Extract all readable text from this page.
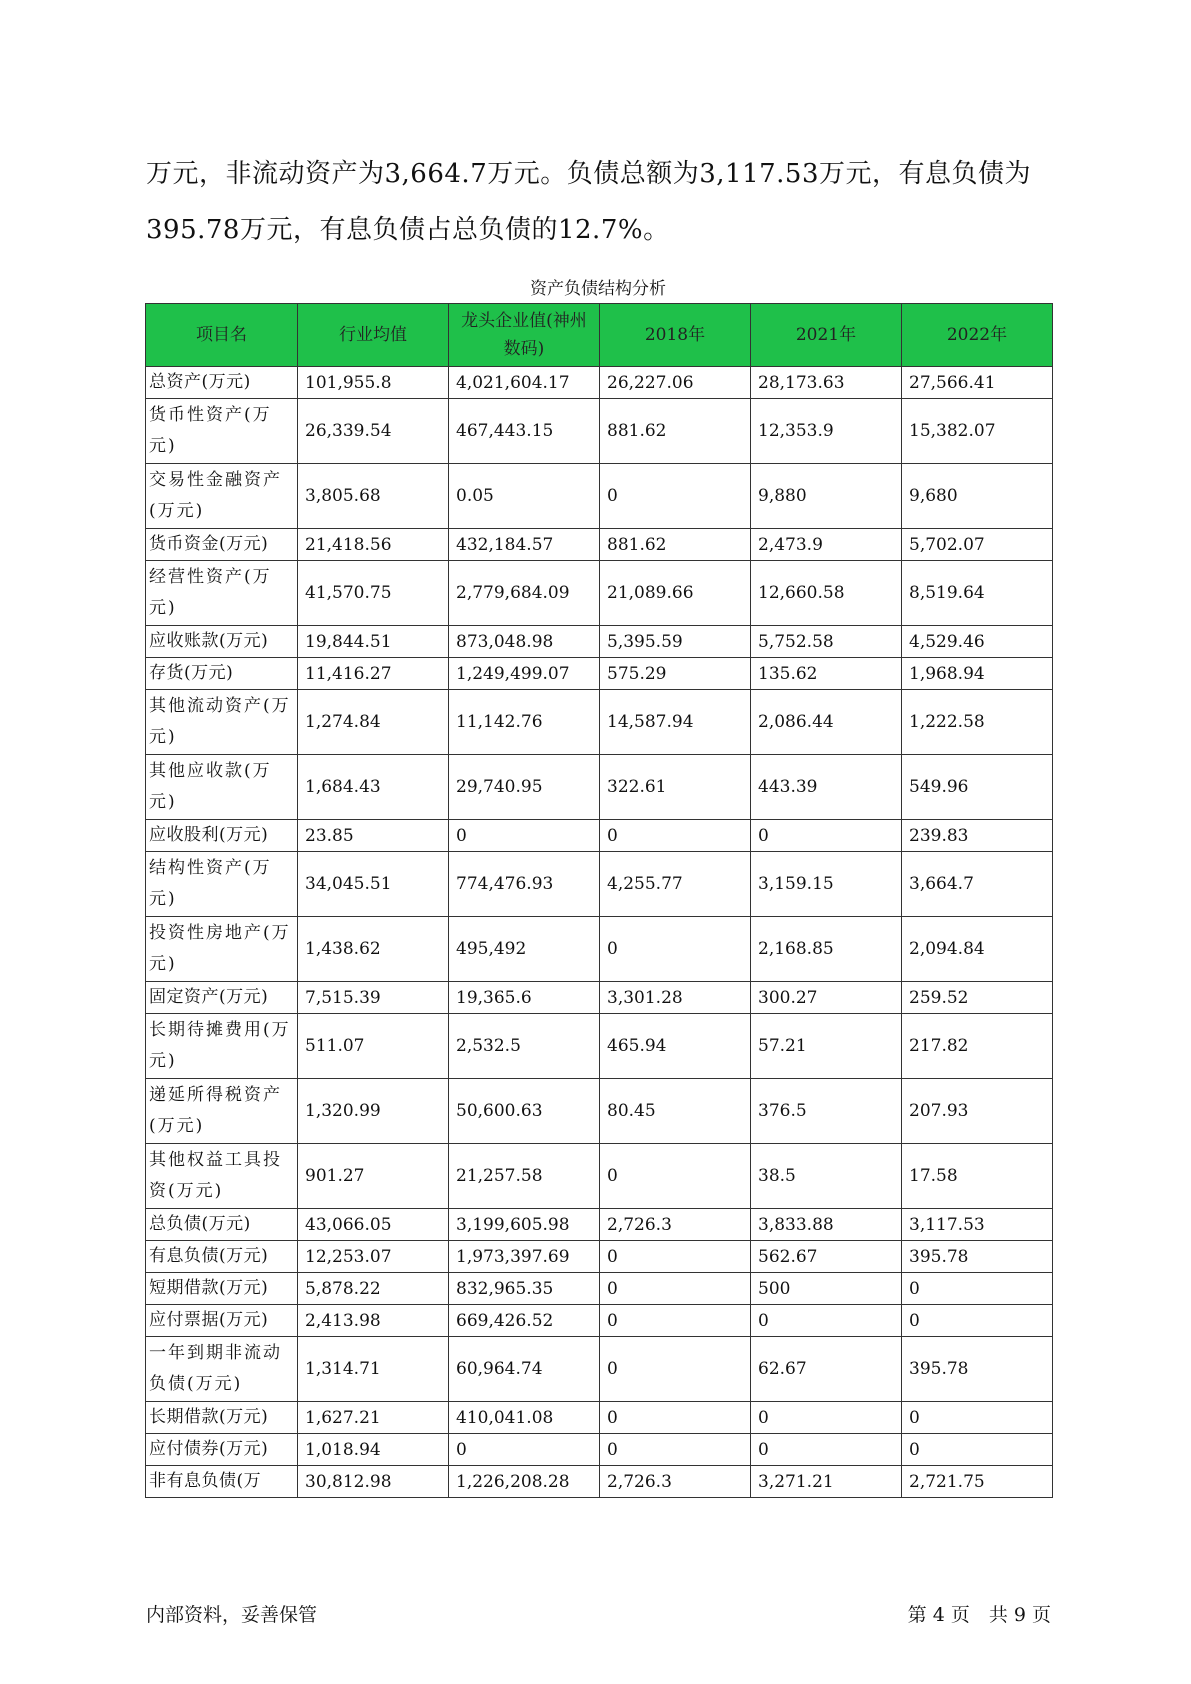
万元，非流动资产为3,664.7万元。负债总额为3,117.53万元，有息负债为

395.78万元，有息负债占总负债的12.7%。

资产负债结构分析
项目名	行业均值	龙头企业值(神州数码)	2018年	2021年	2022年
总资产(万元)	101,955.8	4,021,604.17	26,227.06	28,173.63	27,566.41
货币性资产(万元)	26,339.54	467,443.15	881.62	12,353.9	15,382.07
交易性金融资产(万元)	3,805.68	0.05	0	9,880	9,680
货币资金(万元)	21,418.56	432,184.57	881.62	2,473.9	5,702.07
经营性资产(万元)	41,570.75	2,779,684.09	21,089.66	12,660.58	8,519.64
应收账款(万元)	19,844.51	873,048.98	5,395.59	5,752.58	4,529.46
存货(万元)	11,416.27	1,249,499.07	575.29	135.62	1,968.94
其他流动资产(万元)	1,274.84	11,142.76	14,587.94	2,086.44	1,222.58
其他应收款(万元)	1,684.43	29,740.95	322.61	443.39	549.96
应收股利(万元)	23.85	0	0	0	239.83
结构性资产(万元)	34,045.51	774,476.93	4,255.77	3,159.15	3,664.7
投资性房地产(万元)	1,438.62	495,492	0	2,168.85	2,094.84
固定资产(万元)	7,515.39	19,365.6	3,301.28	300.27	259.52
长期待摊费用(万元)	511.07	2,532.5	465.94	57.21	217.82
递延所得税资产(万元)	1,320.99	50,600.63	80.45	376.5	207.93
其他权益工具投资(万元)	901.27	21,257.58	0	38.5	17.58
总负债(万元)	43,066.05	3,199,605.98	2,726.3	3,833.88	3,117.53
有息负债(万元)	12,253.07	1,973,397.69	0	562.67	395.78
短期借款(万元)	5,878.22	832,965.35	0	500	0
应付票据(万元)	2,413.98	669,426.52	0	0	0
一年到期非流动负债(万元)	1,314.71	60,964.74	0	62.67	395.78
长期借款(万元)	1,627.21	410,041.08	0	0	0
应付债券(万元)	1,018.94	0	0	0	0
非有息负债(万	30,812.98	1,226,208.28	2,726.3	3,271.21	2,721.75
内部资料，妥善保管	第 4 页　共 9 页
